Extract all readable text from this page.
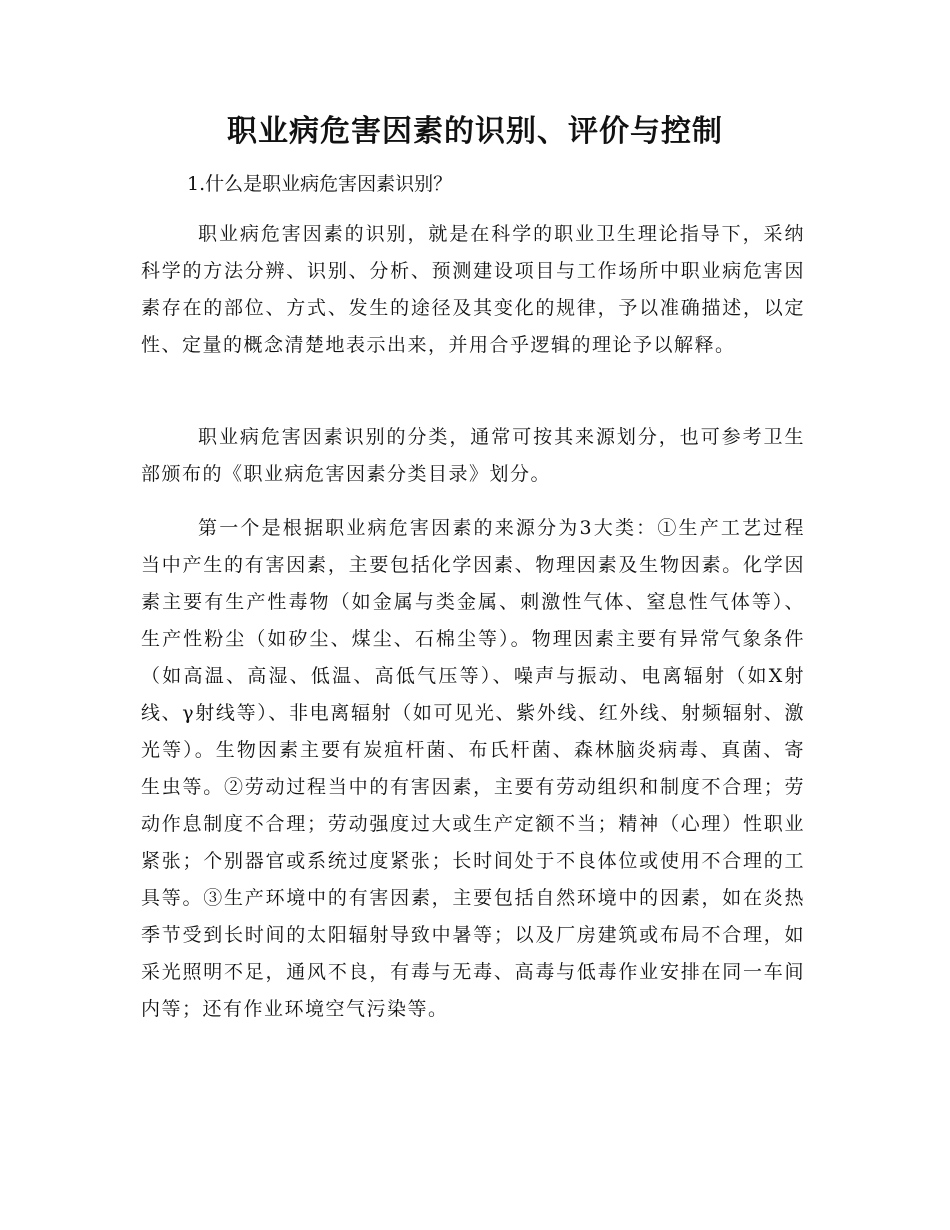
职业病危害因素的识别、评价与控制

1.什么是职业病危害因素识别？

职业病危害因素的识别，就是在科学的职业卫生理论指导下，采纳科学的方法分辨、识别、分析、预测建设项目与工作场所中职业病危害因素存在的部位、方式、发生的途径及其变化的规律，予以准确描述，以定性、定量的概念清楚地表示出来，并用合乎逻辑的理论予以解释。

职业病危害因素识别的分类，通常可按其来源划分，也可参考卫生部颁布的《职业病危害因素分类目录》划分。

第一个是根据职业病危害因素的来源分为3大类：①生产工艺过程当中产生的有害因素，主要包括化学因素、物理因素及生物因素。化学因素主要有生产性毒物（如金属与类金属、刺激性气体、窒息性气体等）、生产性粉尘（如矽尘、煤尘、石棉尘等）。物理因素主要有异常气象条件（如高温、高湿、低温、高低气压等）、噪声与振动、电离辐射（如X射线、γ射线等）、非电离辐射（如可见光、紫外线、红外线、射频辐射、激光等）。生物因素主要有炭疽杆菌、布氏杆菌、森林脑炎病毒、真菌、寄生虫等。②劳动过程当中的有害因素，主要有劳动组织和制度不合理；劳动作息制度不合理；劳动强度过大或生产定额不当；精神（心理）性职业紧张；个别器官或系统过度紧张；长时间处于不良体位或使用不合理的工具等。③生产环境中的有害因素，主要包括自然环境中的因素，如在炎热季节受到长时间的太阳辐射导致中暑等；以及厂房建筑或布局不合理，如采光照明不足，通风不良，有毒与无毒、高毒与低毒作业安排在同一车间内等；还有作业环境空气污染等。
